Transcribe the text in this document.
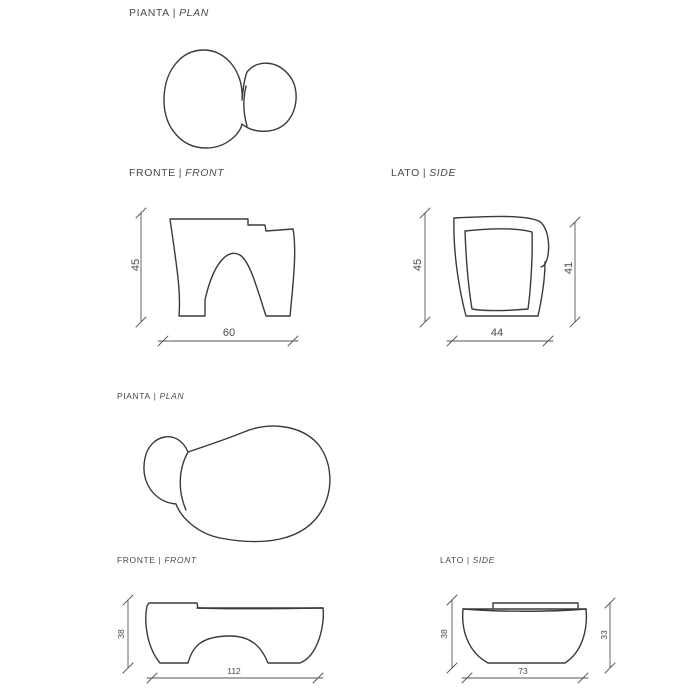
PIANTA | PLAN
FRONTE | FRONT	LATO | SIDE
PIANTA | PLAN
FRONTE | FRONT	LATO | SIDE
45
60
45	41
44
38
112
38	33
73
